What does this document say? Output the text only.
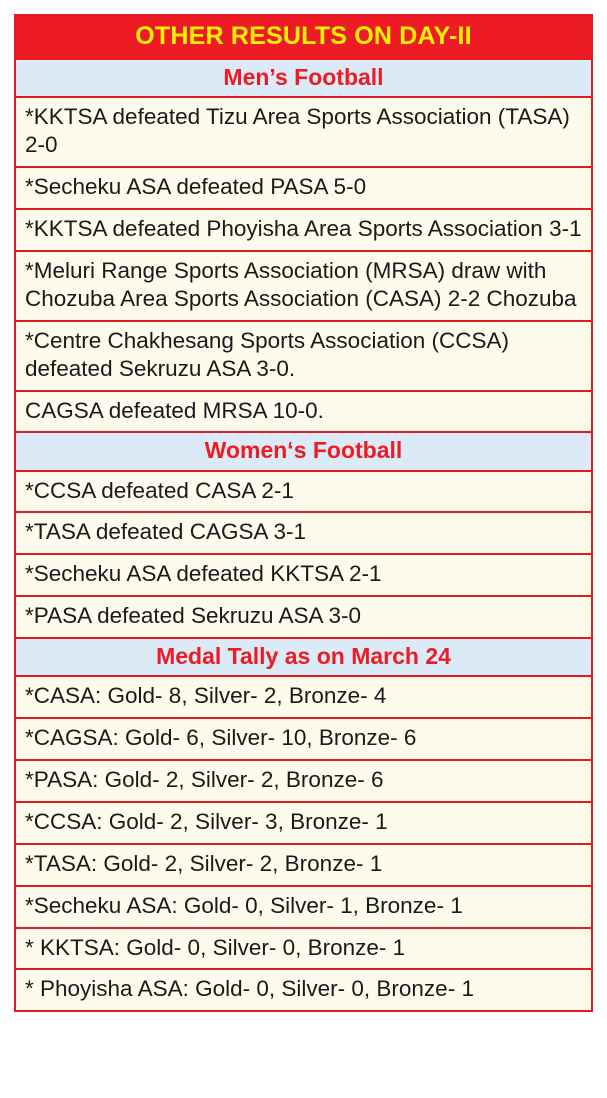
OTHER RESULTS ON DAY-II
Men’s Football
*KKTSA defeated Tizu Area Sports Association (TASA) 2-0
*Secheku ASA defeated PASA 5-0
*KKTSA defeated Phoyisha Area Sports Association 3-1
*Meluri Range Sports Association (MRSA) draw with Chozuba Area Sports Association (CASA) 2-2 Chozuba
*Centre Chakhesang Sports Association (CCSA) defeated Sekruzu ASA 3-0.
CAGSA defeated MRSA 10-0.
Women‘s Football
*CCSA defeated CASA 2-1
*TASA defeated CAGSA 3-1
*Secheku ASA defeated KKTSA 2-1
*PASA defeated Sekruzu ASA 3-0
Medal Tally as on March 24
*CASA: Gold- 8, Silver- 2, Bronze- 4
*CAGSA: Gold- 6, Silver- 10, Bronze- 6
*PASA: Gold- 2, Silver- 2, Bronze- 6
*CCSA: Gold- 2, Silver- 3, Bronze- 1
*TASA: Gold- 2, Silver- 2, Bronze- 1
*Secheku ASA: Gold- 0, Silver- 1, Bronze- 1
* KKTSA: Gold- 0, Silver- 0, Bronze- 1
* Phoyisha ASA: Gold- 0, Silver- 0, Bronze- 1
